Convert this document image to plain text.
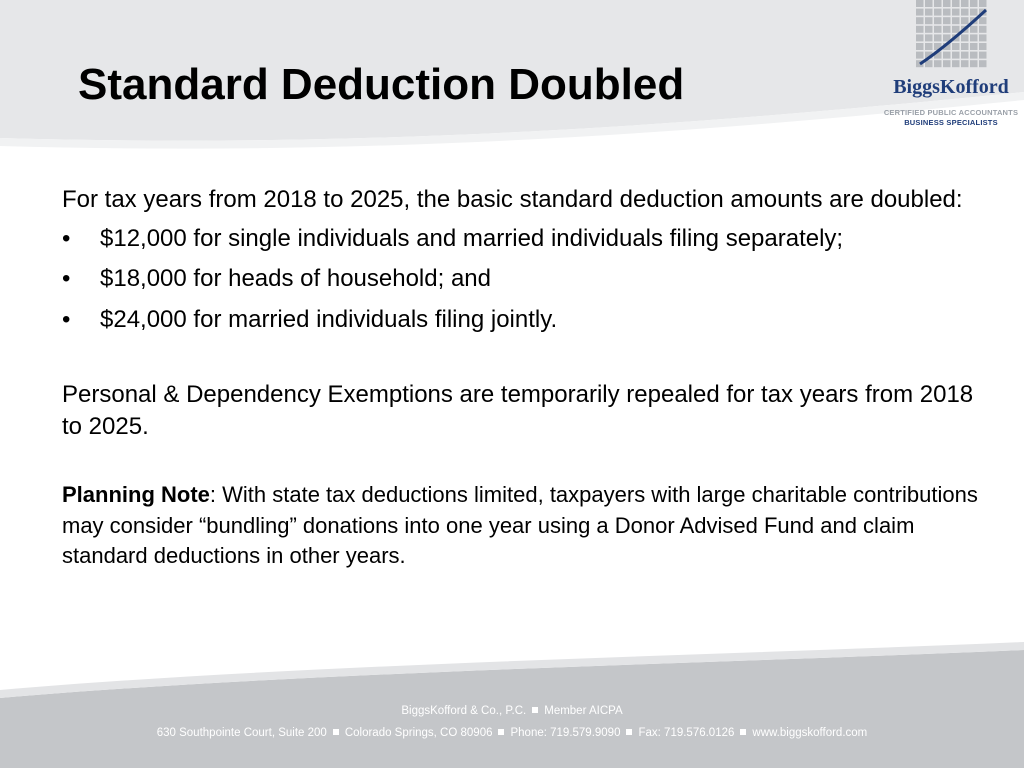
Standard Deduction Doubled	BiggsKofford
CERTIFIED PUBLIC ACCOUNTANTS
BUSINESS SPECIALISTS

For tax years from 2018 to 2025, the basic standard deduction amounts are doubled:

• $12,000 for single individuals and married individuals filing separately;
• $18,000 for heads of household; and
• $24,000 for married individuals filing jointly.

Personal & Dependency Exemptions are temporarily repealed for tax years from 2018 to 2025.

Planning Note: With state tax deductions limited, taxpayers with large charitable contributions may consider “bundling” donations into one year using a Donor Advised Fund and claim standard deductions in other years.

BiggsKofford & Co., P.C. Member AICPA
630 Southpointe Court, Suite 200 Colorado Springs, CO 80906 Phone: 719.579.9090 Fax: 719.576.0126 www.biggskofford.com
